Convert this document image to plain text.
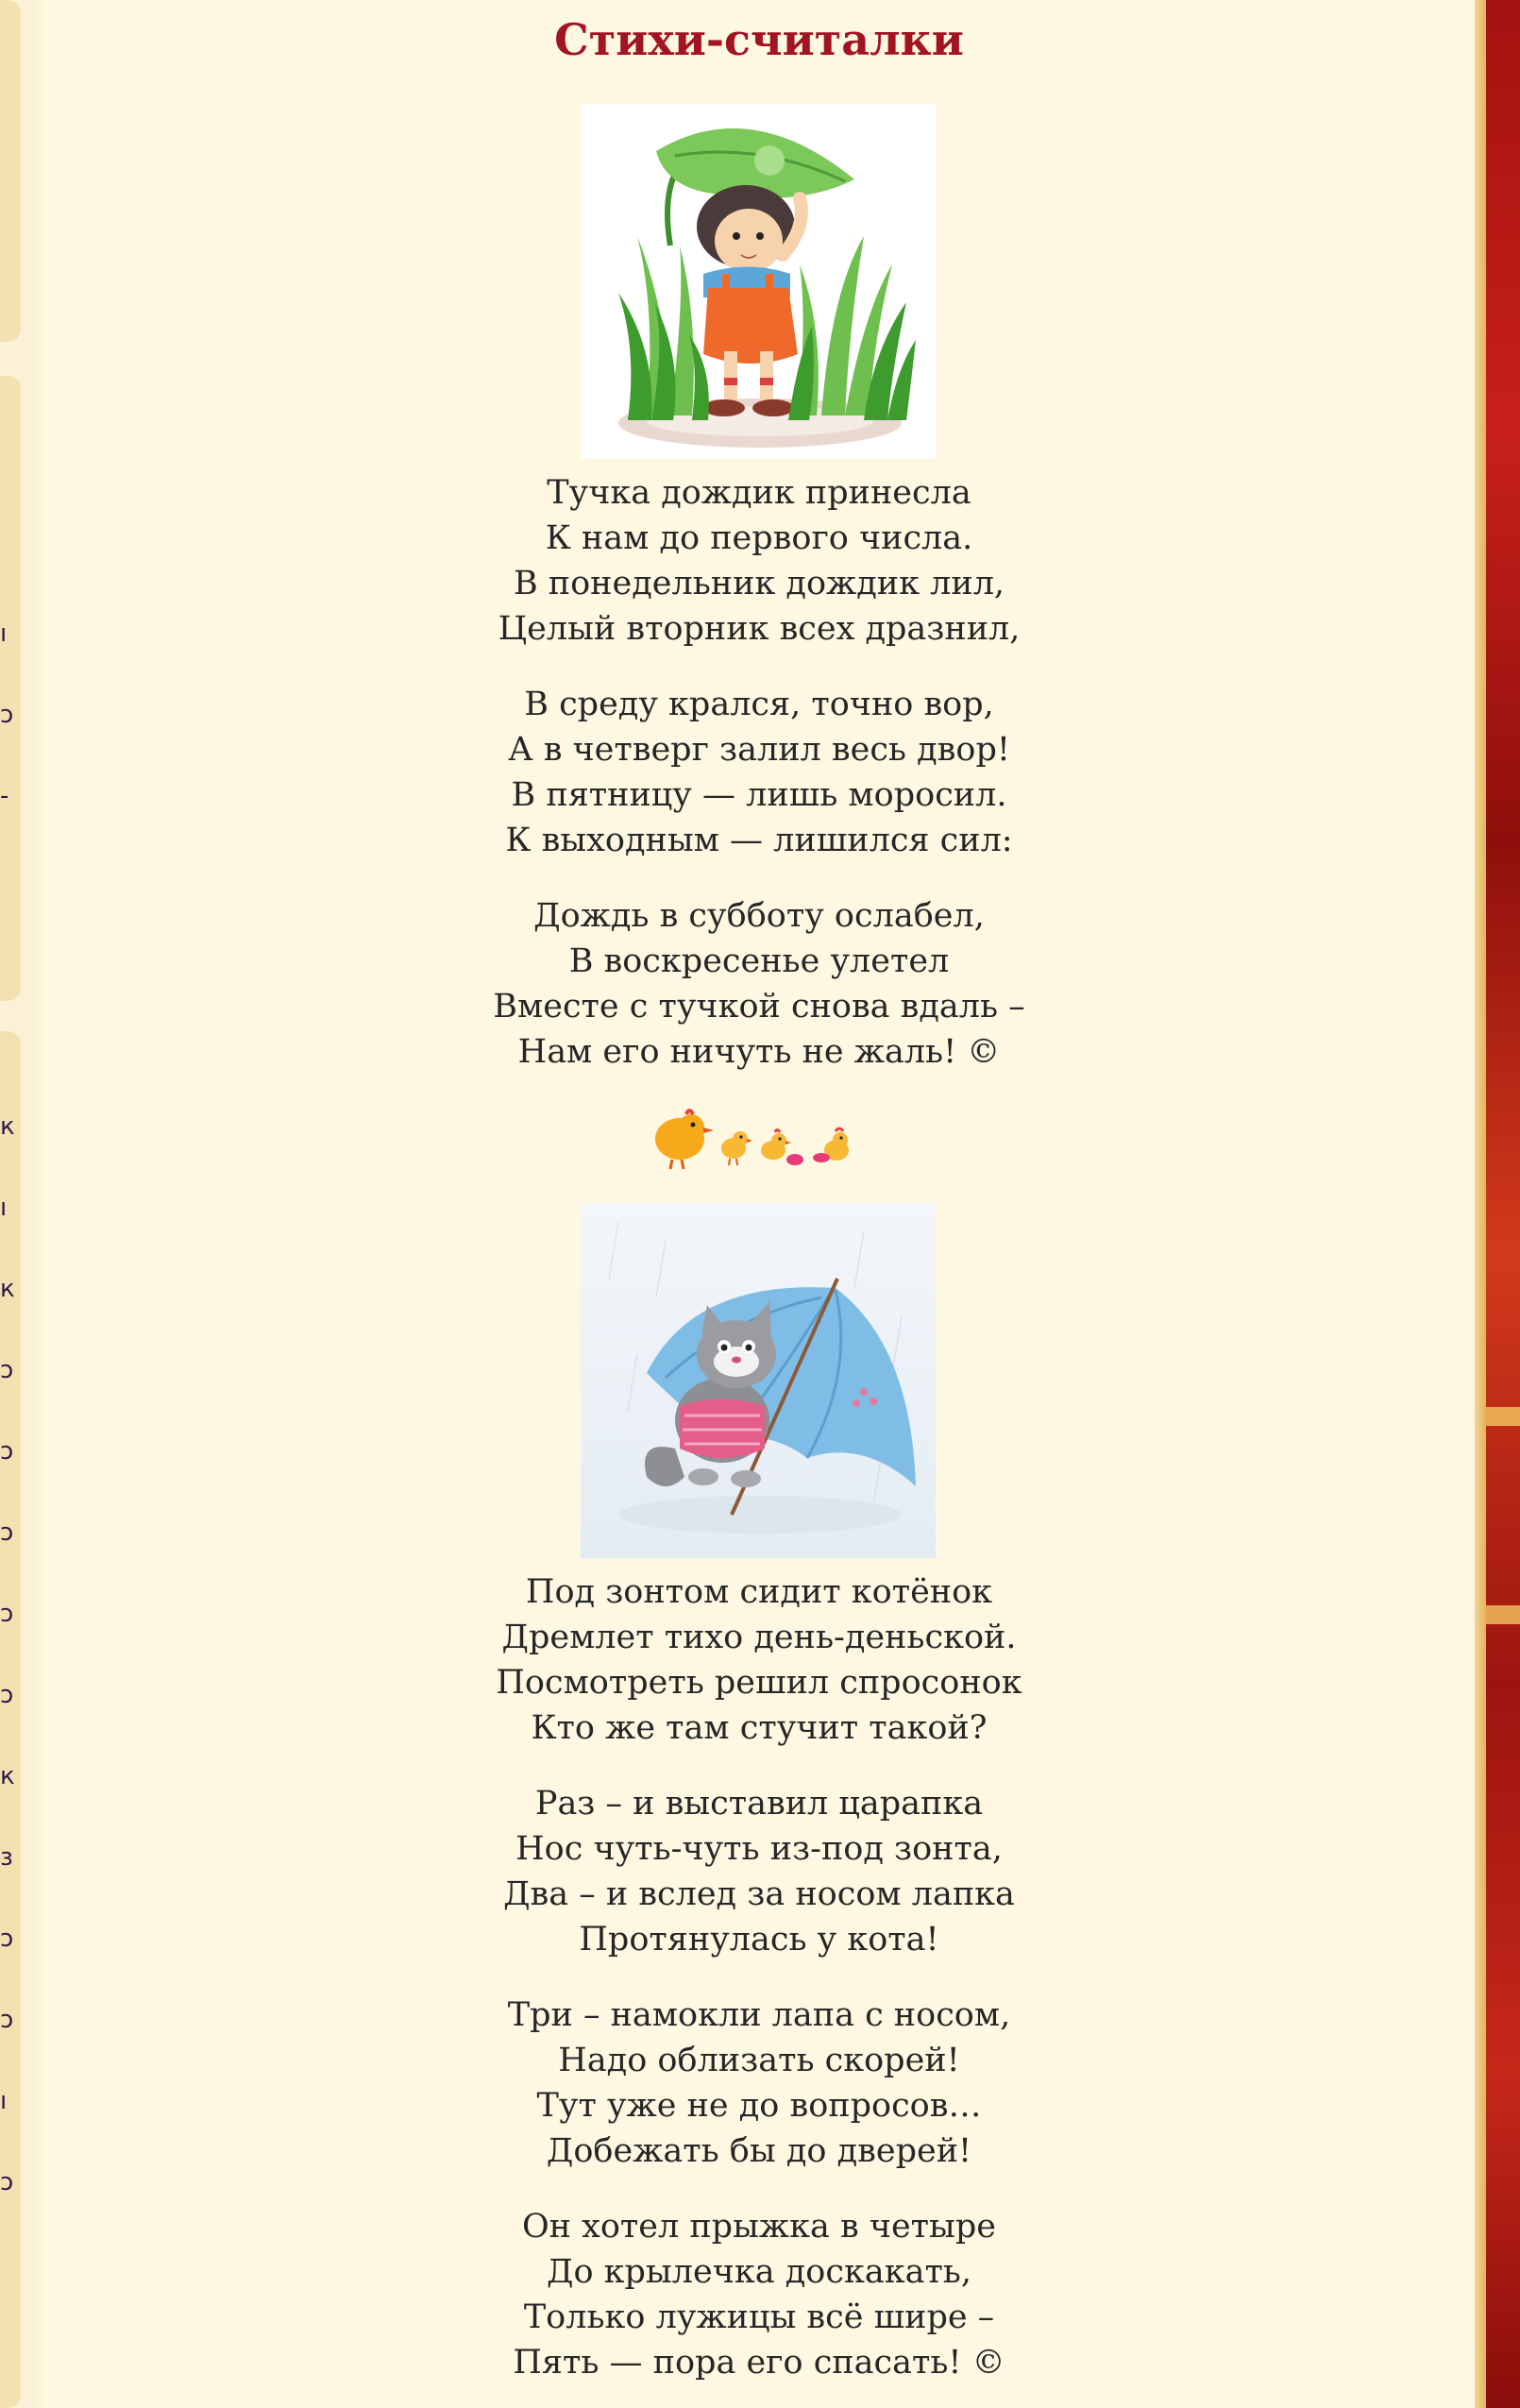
ı
ɔ
-
к
ı
к
ɔ
ɔ
ɔ
ɔ
ɔ
к
з
ɔ
ɔ
ı
ɔ
Стихи-считалки

Тучка дождик принесла
К нам до первого числа.
В понедельник дождик лил,
Целый вторник всех дразнил,

В среду крался, точно вор,
А в четверг залил весь двор!
В пятницу — лишь моросил.
К выходным — лишился сил:

Дождь в субботу ослабел,
В воскресенье улетел
Вместе с тучкой снова вдаль –
Нам его ничуть не жаль! ©

Под зонтом сидит котёнок
Дремлет тихо день-деньской.
Посмотреть решил спросонок
Кто же там стучит такой?

Раз – и выставил царапка
Нос чуть-чуть из-под зонта,
Два – и вслед за носом лапка
Протянулась у кота!

Три – намокли лапа с носом,
Надо облизать скорей!
Тут уже не до вопросов…
Добежать бы до дверей!

Он хотел прыжка в четыре
До крылечка доскакать,
Только лужицы всё шире –
Пять — пора его спасать! ©
